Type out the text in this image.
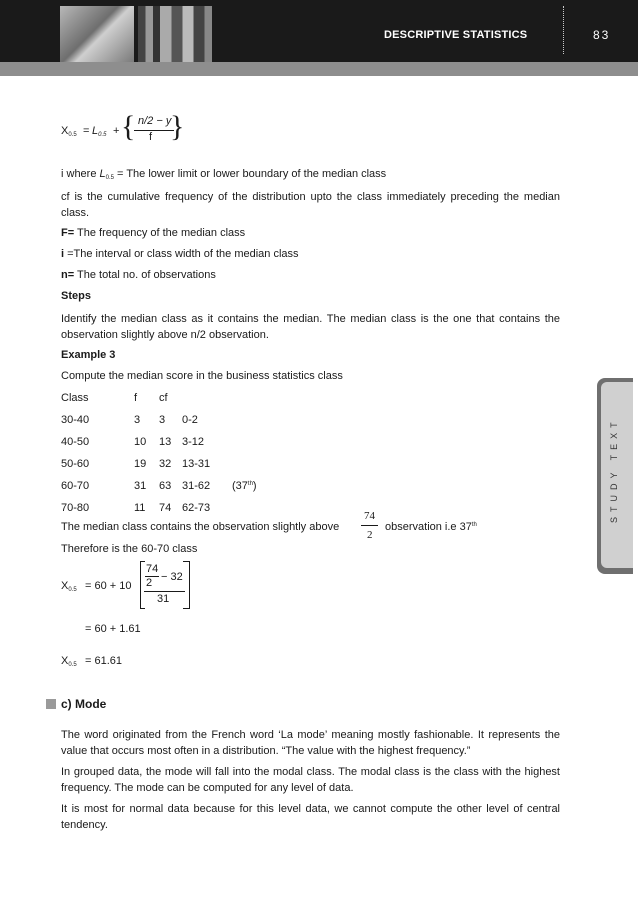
DESCRIPTIVE STATISTICS	83
STUDY TEXT
$X_{0.5} = L_{0.5}$ + { n/2 − y
f }
i where $L_{0.5}$ = The lower limit or lower boundary of the median class
cf is the cumulative frequency of the distribution upto the class immediately preceding the median class.
F= The frequency of the median class
i =The interval or class width of the median class
n= The total no. of observations
Steps
Identify the median class as it contains the median. The median class is the one that contains the observation slightly above n/2 observation.
Example 3
Compute the median score in the business statistics class
Class	f cf
30-40	3 3 0-2
40-50	10 13 3-12
50-60	19 32 13-31
60-70	31 63 31-62 (37th)
70-80	11 74 62-73
The median class contains the observation slightly above
74
2
observation i.e 37th
Therefore is the 60-70 class
$X_{0.5} = 60 + 10$
74
2 − 32
31
= 60 + 1.61
$X_{0.5} = 61.61$
c) Mode
The word originated from the French word ‘La mode’ meaning mostly fashionable. It represents the value that occurs most often in a distribution. “The value with the highest frequency.”
In grouped data, the mode will fall into the modal class. The modal class is the class with the highest frequency. The mode can be computed for any level of data.
It is most for normal data because for this level data, we cannot compute the other level of central tendency.
